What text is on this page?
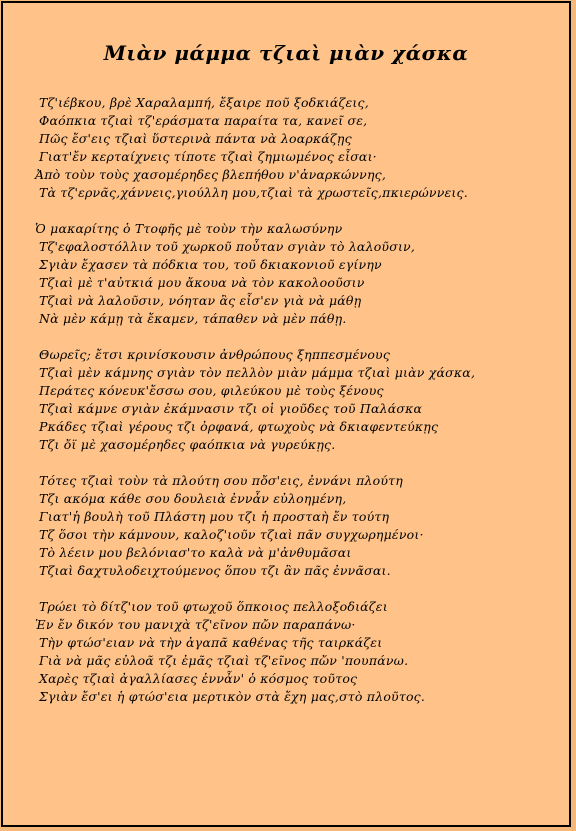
Μιὰν μάμμα τζιαὶ μιὰν χάσκα
Τζ'ιέβκου, βρὲ Χαραλαμπή, ἔξαιρε ποῦ ξοδκιάζεις,
Φαόπκια τζιαὶ τζ'εράσματα παραίτα τα, κανεῖ σε,
Πῶς ἔσ'εις τζιαὶ ὕστερινὰ πάντα νὰ λοαρκάζῃς
Γιατ'ἔν κερταίχνεις τίποτε τζιαὶ ζημιωμένος εἶσαι·
Ἀπὸ τοὺν τοὺς χασομέρηδες βλεπήθου ν'ἀναρκώννης,
Τὰ τζ'ερνᾶς,χάννεις,γιούλλη μου,τζιαὶ τὰ χρωστεῖς,πκιερώννεις.
Ὁ μακαρίτης ὁ Ττοφῆς μὲ τοὺν τὴν καλωσύνην
Τζ'εφαλοστόλλιν τοῦ χωρκοῦ ποὖταν σγιὰν τὸ λαλοῦσιν,
Σγιὰν ἔχασεν τὰ πόδκια του, τοῦ δκιακονιοῦ εγίνην
Τζιαὶ μὲ τ'αὐτκιά μου ἄκουα νὰ τὸν κακολοοῦσιν
Τζιαὶ νὰ λαλοῦσιν, νόηταν ἂς εἶσ'εν γιὰ νὰ μάθῃ
Νὰ μὲν κάμῃ τὰ ἔκαμεν, τάπαθεν νὰ μὲν πάθῃ.
Θωρεῖς; ἔτσι κρινίσκουσιν ἀνθρώπους ξηππεσμένους
Τζιαὶ μὲν κάμνης σγιὰν τὸν πελλὸν μιὰν μάμμα τζιαὶ μιὰν χάσκα,
Περάτες κόνευκ'ἔσσω σου, φιλεύκου μὲ τοὺς ξένους
Τζιαὶ κάμνε σγιὰν ἐκάμνασιν τζι οἱ γιοῦδες τοῦ Παλάσκα
Ρκάδες τζιαὶ γέρους τζι ὀρφανά, φτωχοὺς νὰ δκιαφεντεύκῃς
Τζι ὄϊ μὲ χασομέρηδες φαόπκια νὰ γυρεύκῃς.
Τότες τζιαὶ τοὺν τὰ πλούτη σου πὄσ'εις, ἐννάνι πλούτη
Τζι ακόμα κάθε σου δουλειὰ ἐννἆν εὐλοημένη,
Γιατ'ἡ βουλὴ τοῦ Πλάστη μου τζι ἡ προσταὴ ἔν τούτη
Τζ ὅσοι τὴν κάμνουν, καλοζ'ιοῦν τζιαὶ πᾶν συγχωρημένοι·
Τὸ λέειν μου βελόνιασ'το καλὰ νὰ μ'ἀνθυμᾶσαι
Τζιαὶ δαχτυλοδειχτούμενος ὅπου τζι ἂν πᾶς ἐννᾶσαι.
Τρώει τὸ δίτζ'ιον τοῦ φτωχοῦ ὅπκοιος πελλοξοδιάζει
Ἐν ἔν δικόν του μανιχὰ τζ'εῖνον πὤν παραπάνω·
Τὴν φτώσ'ειαν νὰ τὴν ἀγαπᾶ καθένας τῆς ταιρκάζει
Γιὰ νὰ μᾶς εὐλοᾶ τζι ἐμᾶς τζιαὶ τζ'εῖνος πὤν 'πουπάνω.
Χαρὲς τζιαὶ ἀγαλλίασες ἐννἆν' ὁ κόσμος τοῦτος
Σγιὰν ἔσ'ει ἡ φτώσ'εια μερτικὸν στὰ ἔχη μας,στὸ πλοῦτος.
